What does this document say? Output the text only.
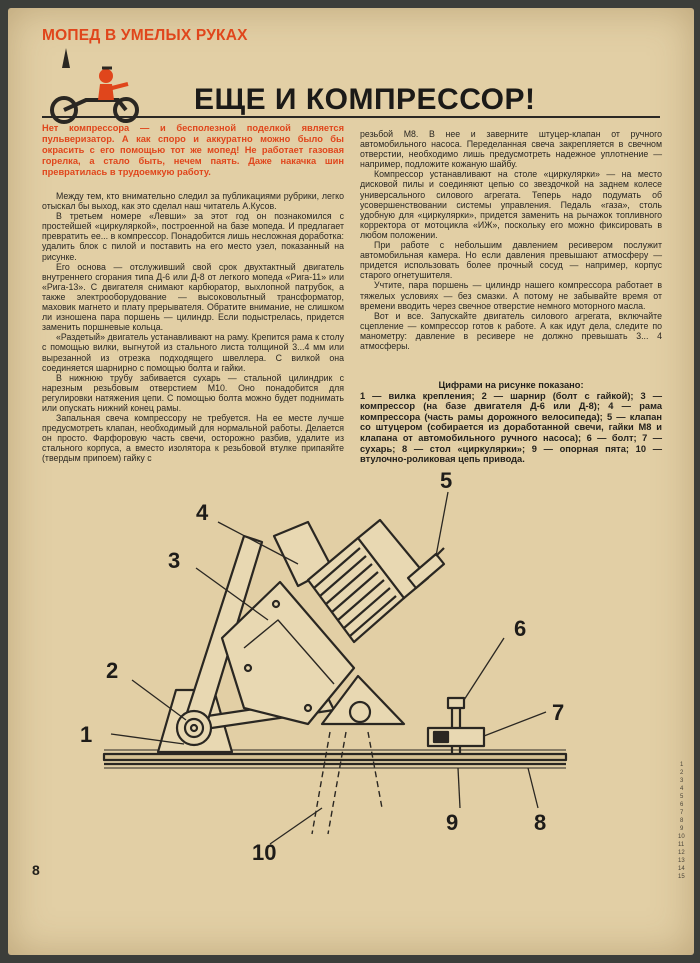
МОПЕД В УМЕЛЫХ РУКАХ
ЕЩЕ И КОМПРЕССОР!
Нет компрессора — и бесполезной поделкой является пульверизатор. А как споро и аккуратно можно было бы окрасить с его помощью тот же мопед! Не работает газовая горелка, а стало быть, нечем паять. Даже накачка шин превратилась в трудоемкую работу.

Между тем, кто внимательно следил за публикациями рубрики, легко отыскал бы выход, как это сделал наш читатель А.Кусов.

В третьем номере «Левши» за этот год он познакомился с простейшей «циркуляркой», построенной на базе мопеда. И предлагает превратить ее... в компрессор. Понадобится лишь несложная доработка: удалить блок с пилой и поставить на его место узел, показанный на рисунке.

Его основа — отслуживший свой срок двухтактный двигатель внутреннего сгорания типа Д-6 или Д-8 от легкого мопеда «Рига-11» или «Рига-13». С двигателя снимают карбюратор, выхлопной патрубок, а также электрооборудование — высоковольтный трансформатор, маховик магнето и плату прерывателя. Обратите внимание, не слишком ли изношена пара поршень — цилиндр. Если подыстрелась, придется заменить поршневые кольца.

«Раздетый» двигатель устанавливают на раму. Крепится рама к столу с помощью вилки, выгнутой из стального листа толщиной 3...4 мм или вырезанной из отрезка подходящего швеллера. С вилкой она соединяется шарнирно с помощью болта и гайки.

В нижнюю трубу забивается сухарь — стальной цилиндрик с нарезным резьбовым отверстием М10. Оно понадобится для регулировки натяжения цепи. С помощью болта можно будет поднимать или опускать нижний конец рамы.

Запальная свеча компрессору не требуется. На ее месте лучше предусмотреть клапан, необходимый для нормальной работы. Делается он просто. Фарфоровую часть свечи, осторожно разбив, удалите из стального корпуса, а вместо изолятора к резьбовой втулке припаяйте (твердым припоем) гайку с

резьбой М8. В нее и заверните штуцер-клапан от ручного автомобильного насоса. Переделанная свеча закрепляется в свечном отверстии, необходимо лишь предусмотреть надежное уплотнение — например, подложите кожаную шайбу.

Компрессор устанавливают на столе «циркулярки» — на место дисковой пилы и соединяют цепью со звездочкой на заднем колесе универсального силового агрегата. Теперь надо подумать об усовершенствовании системы управления. Педаль «газа», столь удобную для «циркулярки», придется заменить на рычажок топливного корректора от мотоцикла «ИЖ», поскольку его можно фиксировать в любом положении.

При работе с небольшим давлением ресивером послужит автомобильная камера. Но если давления превышают атмосферу — придется использовать более прочный сосуд — например, корпус старого огнетушителя.

Учтите, пара поршень — цилиндр нашего компрессора работает в тяжелых условиях — без смазки. А потому не забывайте время от времени вводить через свечное отверстие немного моторного масла.

Вот и все. Запускайте двигатель силового агрегата, включайте сцепление — компрессор готов к работе. А как идут дела, следите по манометру: давление в ресивере не должно превышать 3... 4 атмосферы.

Цифрами на рисунке показано:
1 — вилка крепления; 2 — шарнир (болт с гайкой); 3 — компрессор (на базе двигателя Д-6 или Д-8); 4 — рама компрессора (часть рамы дорожного велосипеда); 5 — клапан со штуцером (собирается из доработанной свечи, гайки М8 и клапана от автомобильного ручного насоса); 6 — болт; 7 — сухарь; 8 — стол «циркулярки»; 9 — опорная пята; 10 — втулочно-роликовая цепь привода.
1
2
3
4
5
6
7
8
9
10
1
2
3
4
5
6
7
8
9
10
11
12
13
14
15
8
